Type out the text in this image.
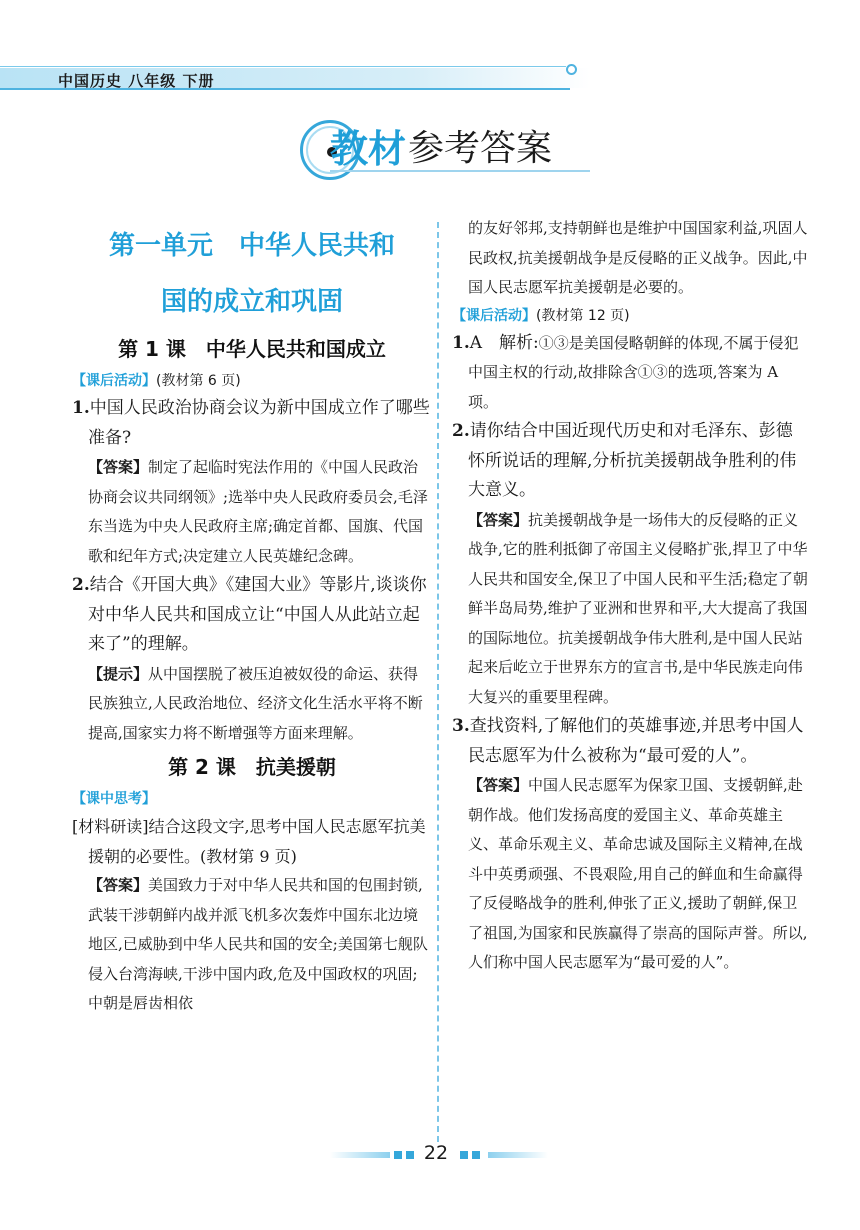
中国历史 八年级 下册
教材 参考答案
第一单元　中华人民共和
国的成立和巩固
第 1 课　中华人民共和国成立
【课后活动】(教材第 6 页)

1.中国人民政治协商会议为新中国成立作了哪些准备?

【答案】制定了起临时宪法作用的《中国人民政治协商会议共同纲领》;选举中央人民政府委员会,毛泽东当选为中央人民政府主席;确定首都、国旗、代国歌和纪年方式;决定建立人民英雄纪念碑。

2.结合《开国大典》《建国大业》等影片,谈谈你对中华人民共和国成立让“中国人从此站立起来了”的理解。

【提示】从中国摆脱了被压迫被奴役的命运、获得民族独立,人民政治地位、经济文化生活水平将不断提高,国家实力将不断增强等方面来理解。

第 2 课　抗美援朝
【课中思考】

[材料研读]结合这段文字,思考中国人民志愿军抗美援朝的必要性。(教材第 9 页)

【答案】美国致力于对中华人民共和国的包围封锁,武装干涉朝鲜内战并派飞机多次轰炸中国东北边境地区,已威胁到中华人民共和国的安全;美国第七舰队侵入台湾海峡,干涉中国内政,危及中国政权的巩固;中朝是唇齿相依

的友好邻邦,支持朝鲜也是维护中国国家利益,巩固人民政权,抗美援朝战争是反侵略的正义战争。因此,中国人民志愿军抗美援朝是必要的。

【课后活动】(教材第 12 页)

1.A　 解析:①③是美国侵略朝鲜的体现,不属于侵犯中国主权的行动,故排除含①③的选项,答案为 A 项。

2.请你结合中国近现代历史和对毛泽东、彭德怀所说话的理解,分析抗美援朝战争胜利的伟大意义。

【答案】抗美援朝战争是一场伟大的反侵略的正义战争,它的胜利抵御了帝国主义侵略扩张,捍卫了中华人民共和国安全,保卫了中国人民和平生活;稳定了朝鲜半岛局势,维护了亚洲和世界和平,大大提高了我国的国际地位。抗美援朝战争伟大胜利,是中国人民站起来后屹立于世界东方的宣言书,是中华民族走向伟大复兴的重要里程碑。

3.查找资料,了解他们的英雄事迹,并思考中国人民志愿军为什么被称为“最可爱的人”。

【答案】中国人民志愿军为保家卫国、支援朝鲜,赴朝作战。他们发扬高度的爱国主义、革命英雄主义、革命乐观主义、革命忠诚及国际主义精神,在战斗中英勇顽强、不畏艰险,用自己的鲜血和生命赢得了反侵略战争的胜利,伸张了正义,援助了朝鲜,保卫了祖国,为国家和民族赢得了崇高的国际声誉。所以,人们称中国人民志愿军为“最可爱的人”。

22
